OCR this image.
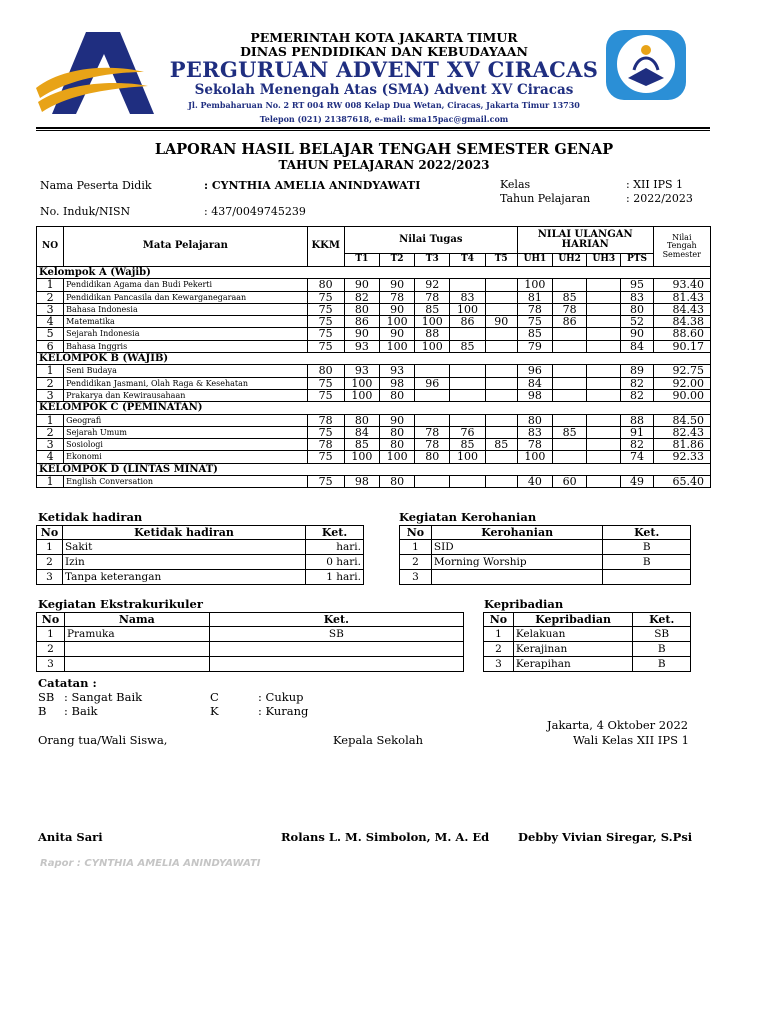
PEMERINTAH KOTA JAKARTA TIMUR
DINAS PENDIDIKAN DAN KEBUDAYAAN
PERGURUAN ADVENT XV CIRACAS
Sekolah Menengah Atas (SMA) Advent XV Ciracas
Jl. Pembaharuan No. 2 RT 004 RW 008 Kelap Dua Wetan, Ciracas, Jakarta Timur 13730
Telepon (021) 21387618, e-mail: sma15pac@gmail.com
LAPORAN HASIL BELAJAR TENGAH SEMESTER GENAP
TAHUN PELAJARAN 2022/2023
Nama Peserta Didik	: CYNTHIA AMELIA ANINDYAWATI
No. Induk/NISN	: 437/0049745239
Kelas	: XII IPS 1
Tahun Pelajaran	: 2022/2023
NO	Mata Pelajaran	KKM	Nilai Tugas					NILAI ULANGAN HARIAN				Nilai
Tengah
Semester

			T1	T2	T3	T4	T5	UH1	UH2	UH3	PTS	
Kelompok A (Wajib)												
1	Pendidikan Agama dan Budi Pekerti	80	90	90	92			100			95	93.40
2	Pendidikan Pancasila dan Kewarganegaraan	75	82	78	78	83		81	85		83	81.43
3	Bahasa Indonesia	75	80	90	85	100		78	78		80	84.43
4	Matematika	75	86	100	100	86	90	75	86		52	84.38
5	Sejarah Indonesia	75	90	90	88			85			90	88.60
6	Bahasa Inggris	75	93	100	100	85		79			84	90.17
KELOMPOK B (WAJIB)												
1	Seni Budaya	80	93	93				96			89	92.75
2	Pendidikan Jasmani, Olah Raga & Kesehatan	75	100	98	96			84			82	92.00
3	Prakarya dan Kewirausahaan	75	100	80				98			82	90.00
KELOMPOK C (PEMINATAN)												
1	Geografi	78	80	90				80			88	84.50
2	Sejarah Umum	75	84	80	78	76		83	85		91	82.43
3	Sosiologi	78	85	80	78	85	85	78			82	81.86
4	Ekonomi	75	100	100	80	100		100			74	92.33
KELOMPOK D (LINTAS MINAT)												
1	English Conversation	75	98	80				40	60		49	65.40
Ketidak hadiran
No	Ketidak hadiran	Ket.
1	Sakit	hari.
2	Izin	0 hari.
3	Tanpa keterangan	1 hari.
Kegiatan Kerohanian
No	Kerohanian	Ket.
1	SID	B
2	Morning Worship	B
3		
Kegiatan Ekstrakurikuler
No	Nama	Ket.
1	Pramuka	SB
2		
3		
Kepribadian
No	Kepribadian	Ket.
1	Kelakuan	SB
2	Kerajinan	B
3	Kerapihan	B
Catatan :
SB : Sangat Baik
B : Baik
C	: Cukup
K	: Kurang
Jakarta, 4 Oktober 2022
Orang tua/Wali Siswa,	Kepala Sekolah	Wali Kelas XII IPS 1
Anita Sari	Rolans L. M. Simbolon, M. A. Ed	Debby Vivian Siregar, S.Psi
Rapor : CYNTHIA AMELIA ANINDYAWATI
